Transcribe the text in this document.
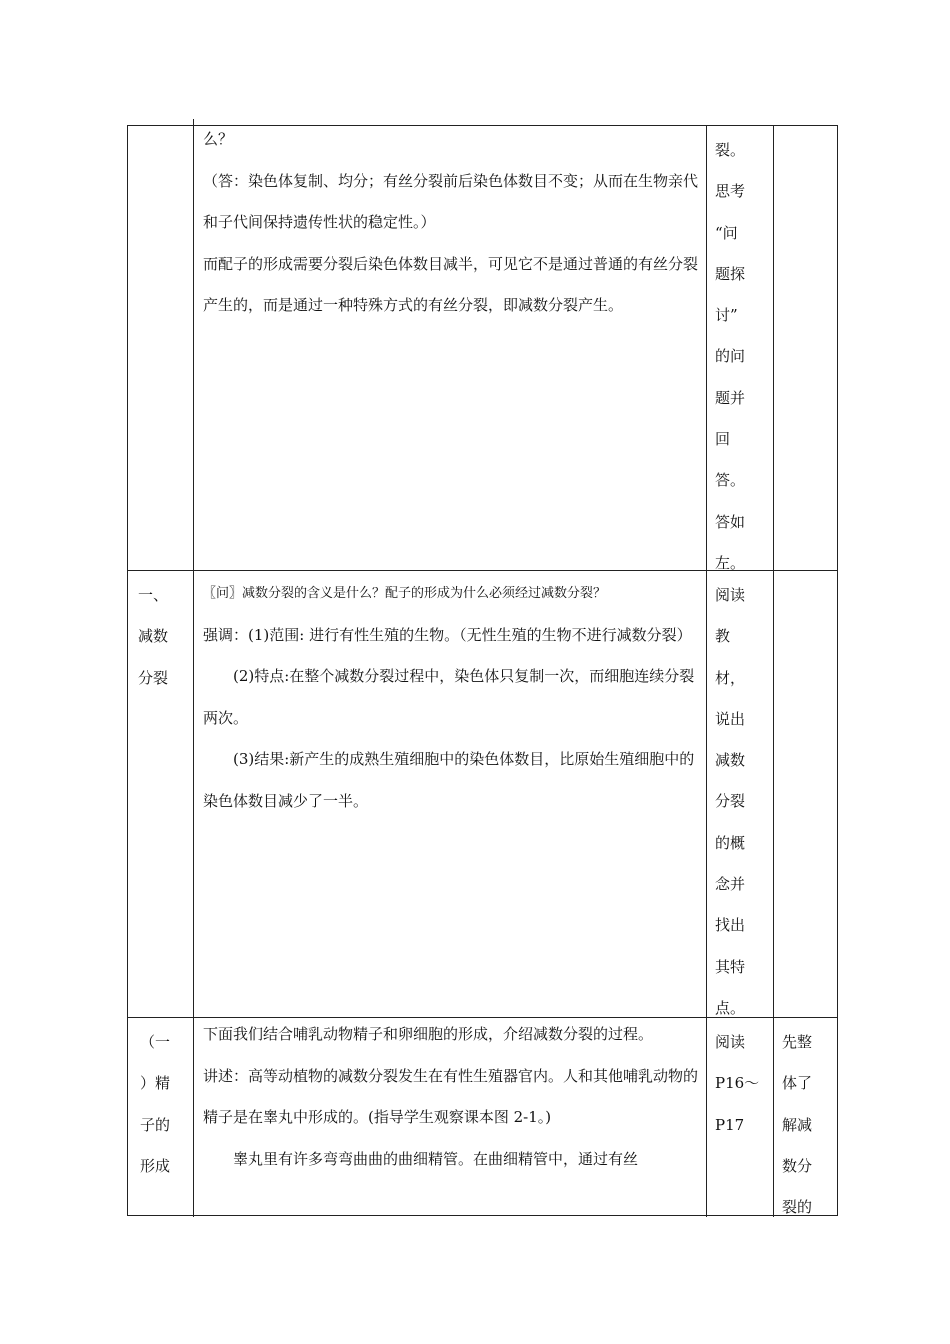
么？

（答：染色体复制、均分；有丝分裂前后染色体数目不变；从而在生物亲代和子代间保持遗传性状的稳定性。）

而配子的形成需要分裂后染色体数目减半，可见它不是通过普通的有丝分裂产生的，而是通过一种特殊方式的有丝分裂，即减数分裂产生。

裂。
思考
“问
题探
讨”
的问
题并
回
答。
答如
左。
一、
减数
分裂

〖问〗减数分裂的含义是什么？配子的形成为什么必须经过减数分裂？

强调：(1)范围: 进行有性生殖的生物。（无性生殖的生物不进行减数分裂）

(2)特点:在整个减数分裂过程中，染色体只复制一次，而细胞连续分裂两次。

(3)结果:新产生的成熟生殖细胞中的染色体数目，比原始生殖细胞中的染色体数目减少了一半。

阅读
教
材，
说出
减数
分裂
的概
念并
找出
其特
点。
（一
）精
子的
形成

下面我们结合哺乳动物精子和卵细胞的形成，介绍减数分裂的过程。

讲述：高等动植物的减数分裂发生在有性生殖器官内。人和其他哺乳动物的精子是在睾丸中形成的。(指导学生观察课本图 2-1。)

睾丸里有许多弯弯曲曲的曲细精管。在曲细精管中，通过有丝

阅读
P16～
P17
先整
体了
解减
数分
裂的
